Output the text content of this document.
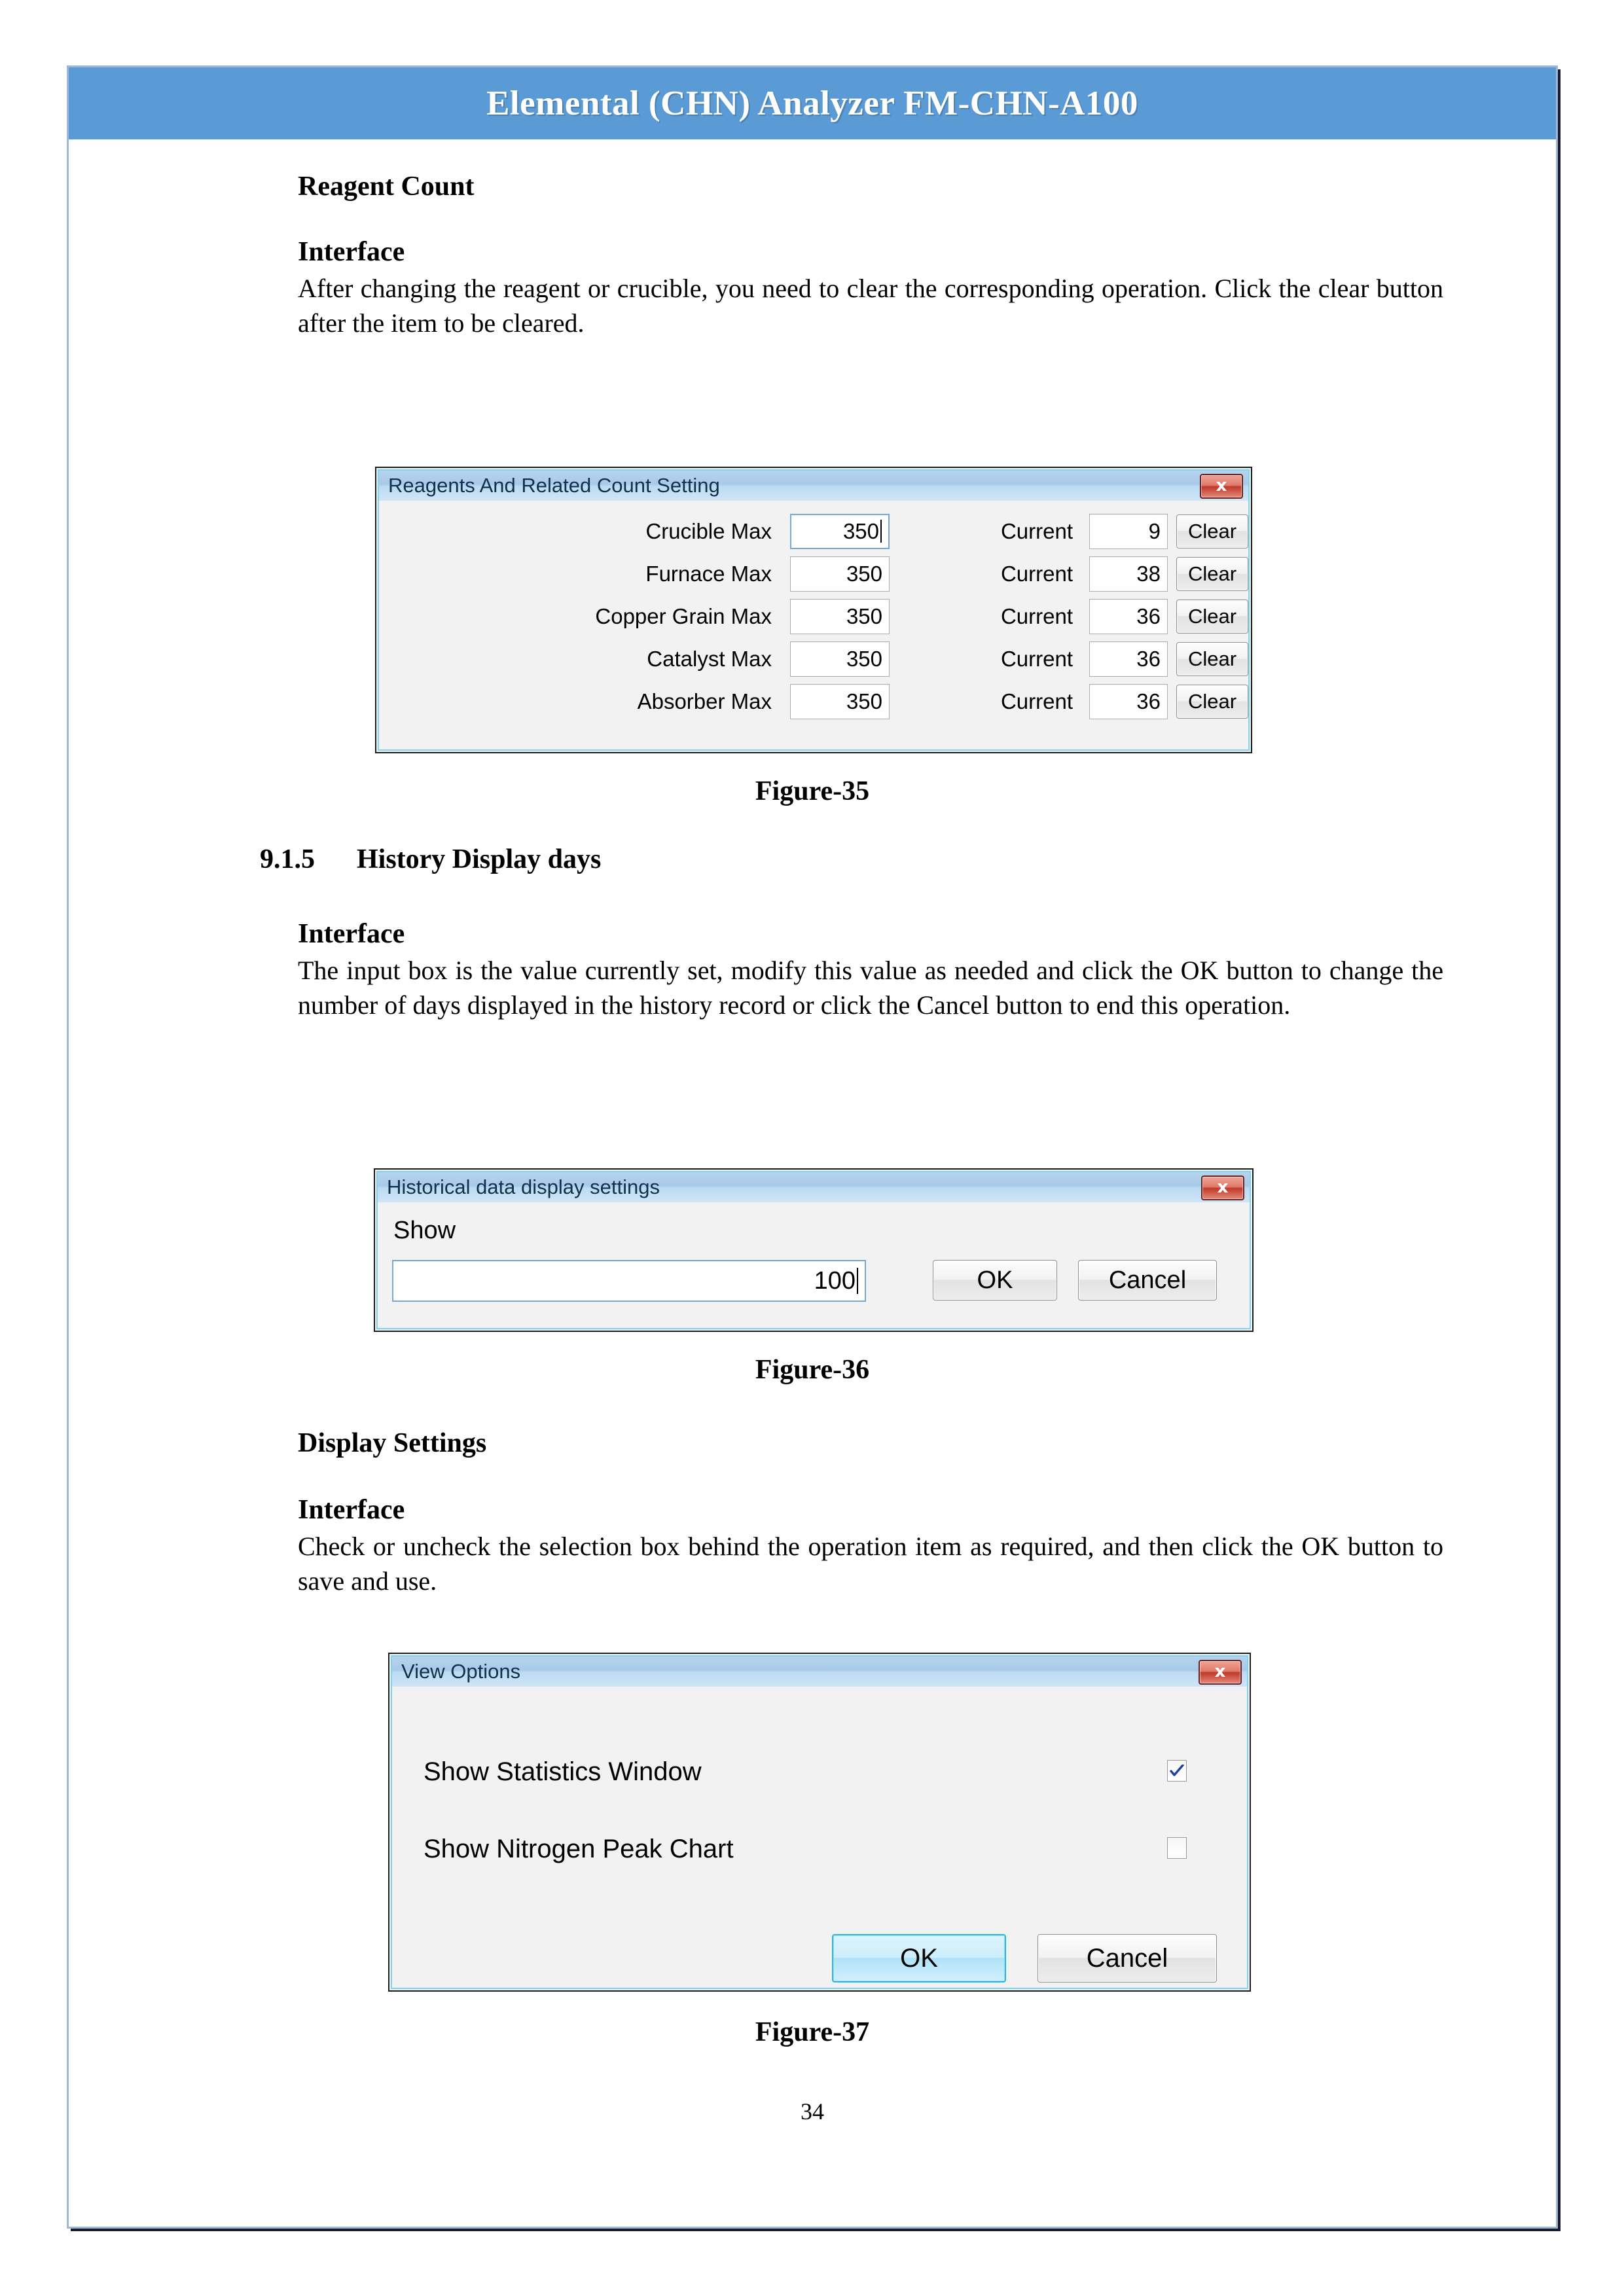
Elemental (CHN) Analyzer FM-CHN-A100
Reagent Count
Interface

After changing the reagent or crucible, you need to clear the corresponding operation. Click the clear button after the item to be cleared.

Reagents And Related Count Setting
Crucible Max	350	Current	9 Clear
Furnace Max	350	Current	38 Clear
Copper Grain Max	350	Current	36 Clear
Catalyst Max	350	Current	36 Clear
Absorber Max	350	Current	36 Clear
Figure-35
9.1.5 History Display days
Interface

The input box is the value currently set, modify this value as needed and click the OK button to change the number of days displayed in the history record or click the Cancel button to end this operation.

Historical data display settings
Show
100	OK	Cancel
Figure-36
Display Settings
Interface

Check or uncheck the selection box behind the operation item as required, and then click the OK button to save and use.

View Options
Show Statistics Window
Show Nitrogen Peak Chart
OK	Cancel
Figure-37
34
